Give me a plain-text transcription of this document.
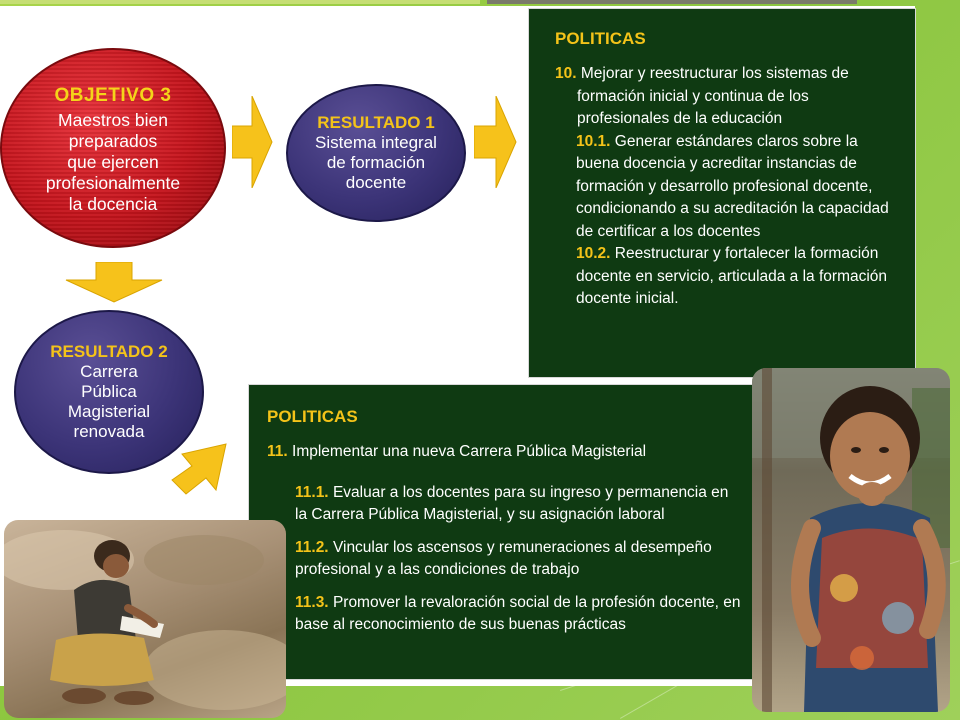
OBJETIVO 3
Maestros bien
preparados
que ejercen
profesionalmente
la docencia
RESULTADO 1
Sistema integral
de formación
docente
RESULTADO 2
Carrera
Pública
Magisterial
renovada
POLITICAS
10. Mejorar y reestructurar los sistemas de formación inicial y continua de los profesionales de la educación
10.1. Generar estándares claros sobre la buena docencia y acreditar instancias de formación y desarrollo profesional docente, condicionando a su acreditación la capacidad de certificar a los docentes
10.2. Reestructurar y fortalecer la formación docente en servicio, articulada a la formación docente inicial.
POLITICAS
11. Implementar una nueva Carrera Pública Magisterial
11.1. Evaluar a los docentes para su ingreso y permanencia en la Carrera Pública Magisterial, y su asignación laboral
11.2. Vincular los ascensos y remuneraciones al desempeño profesional y a las condiciones de trabajo
11.3. Promover la revaloración social de la profesión docente, en base al reconocimiento de sus buenas prácticas
